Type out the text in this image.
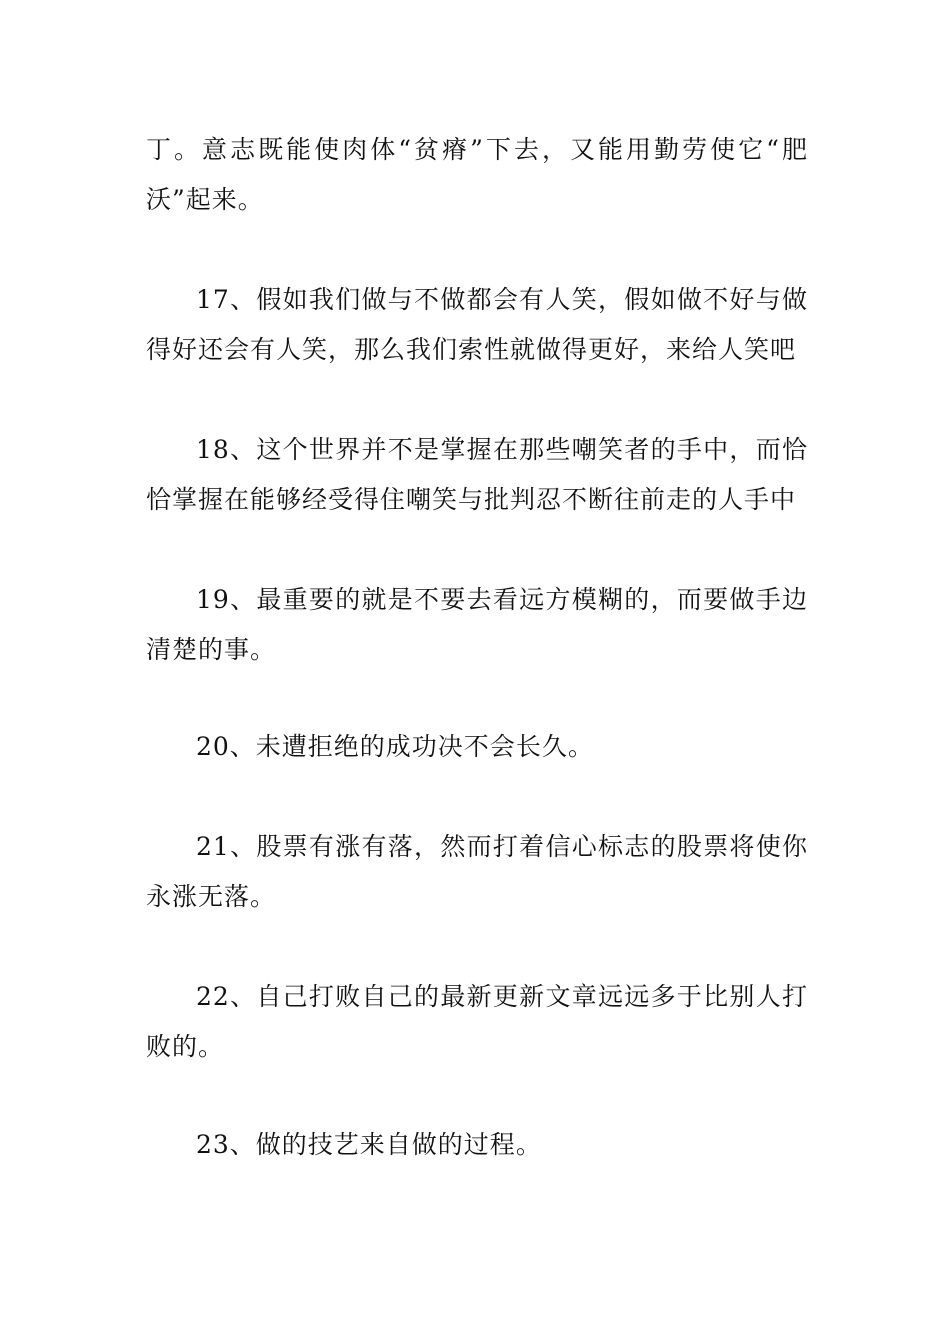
丁。意志既能使肉体“贫瘠”下去，又能用勤劳使它“肥沃”起来。

17、假如我们做与不做都会有人笑，假如做不好与做得好还会有人笑，那么我们索性就做得更好，来给人笑吧

18、这个世界并不是掌握在那些嘲笑者的手中，而恰恰掌握在能够经受得住嘲笑与批判忍不断往前走的人手中

19、最重要的就是不要去看远方模糊的，而要做手边清楚的事。

20、未遭拒绝的成功决不会长久。

21、股票有涨有落，然而打着信心标志的股票将使你永涨无落。

22、自己打败自己的最新更新文章远远多于比别人打败的。

23、做的技艺来自做的过程。
